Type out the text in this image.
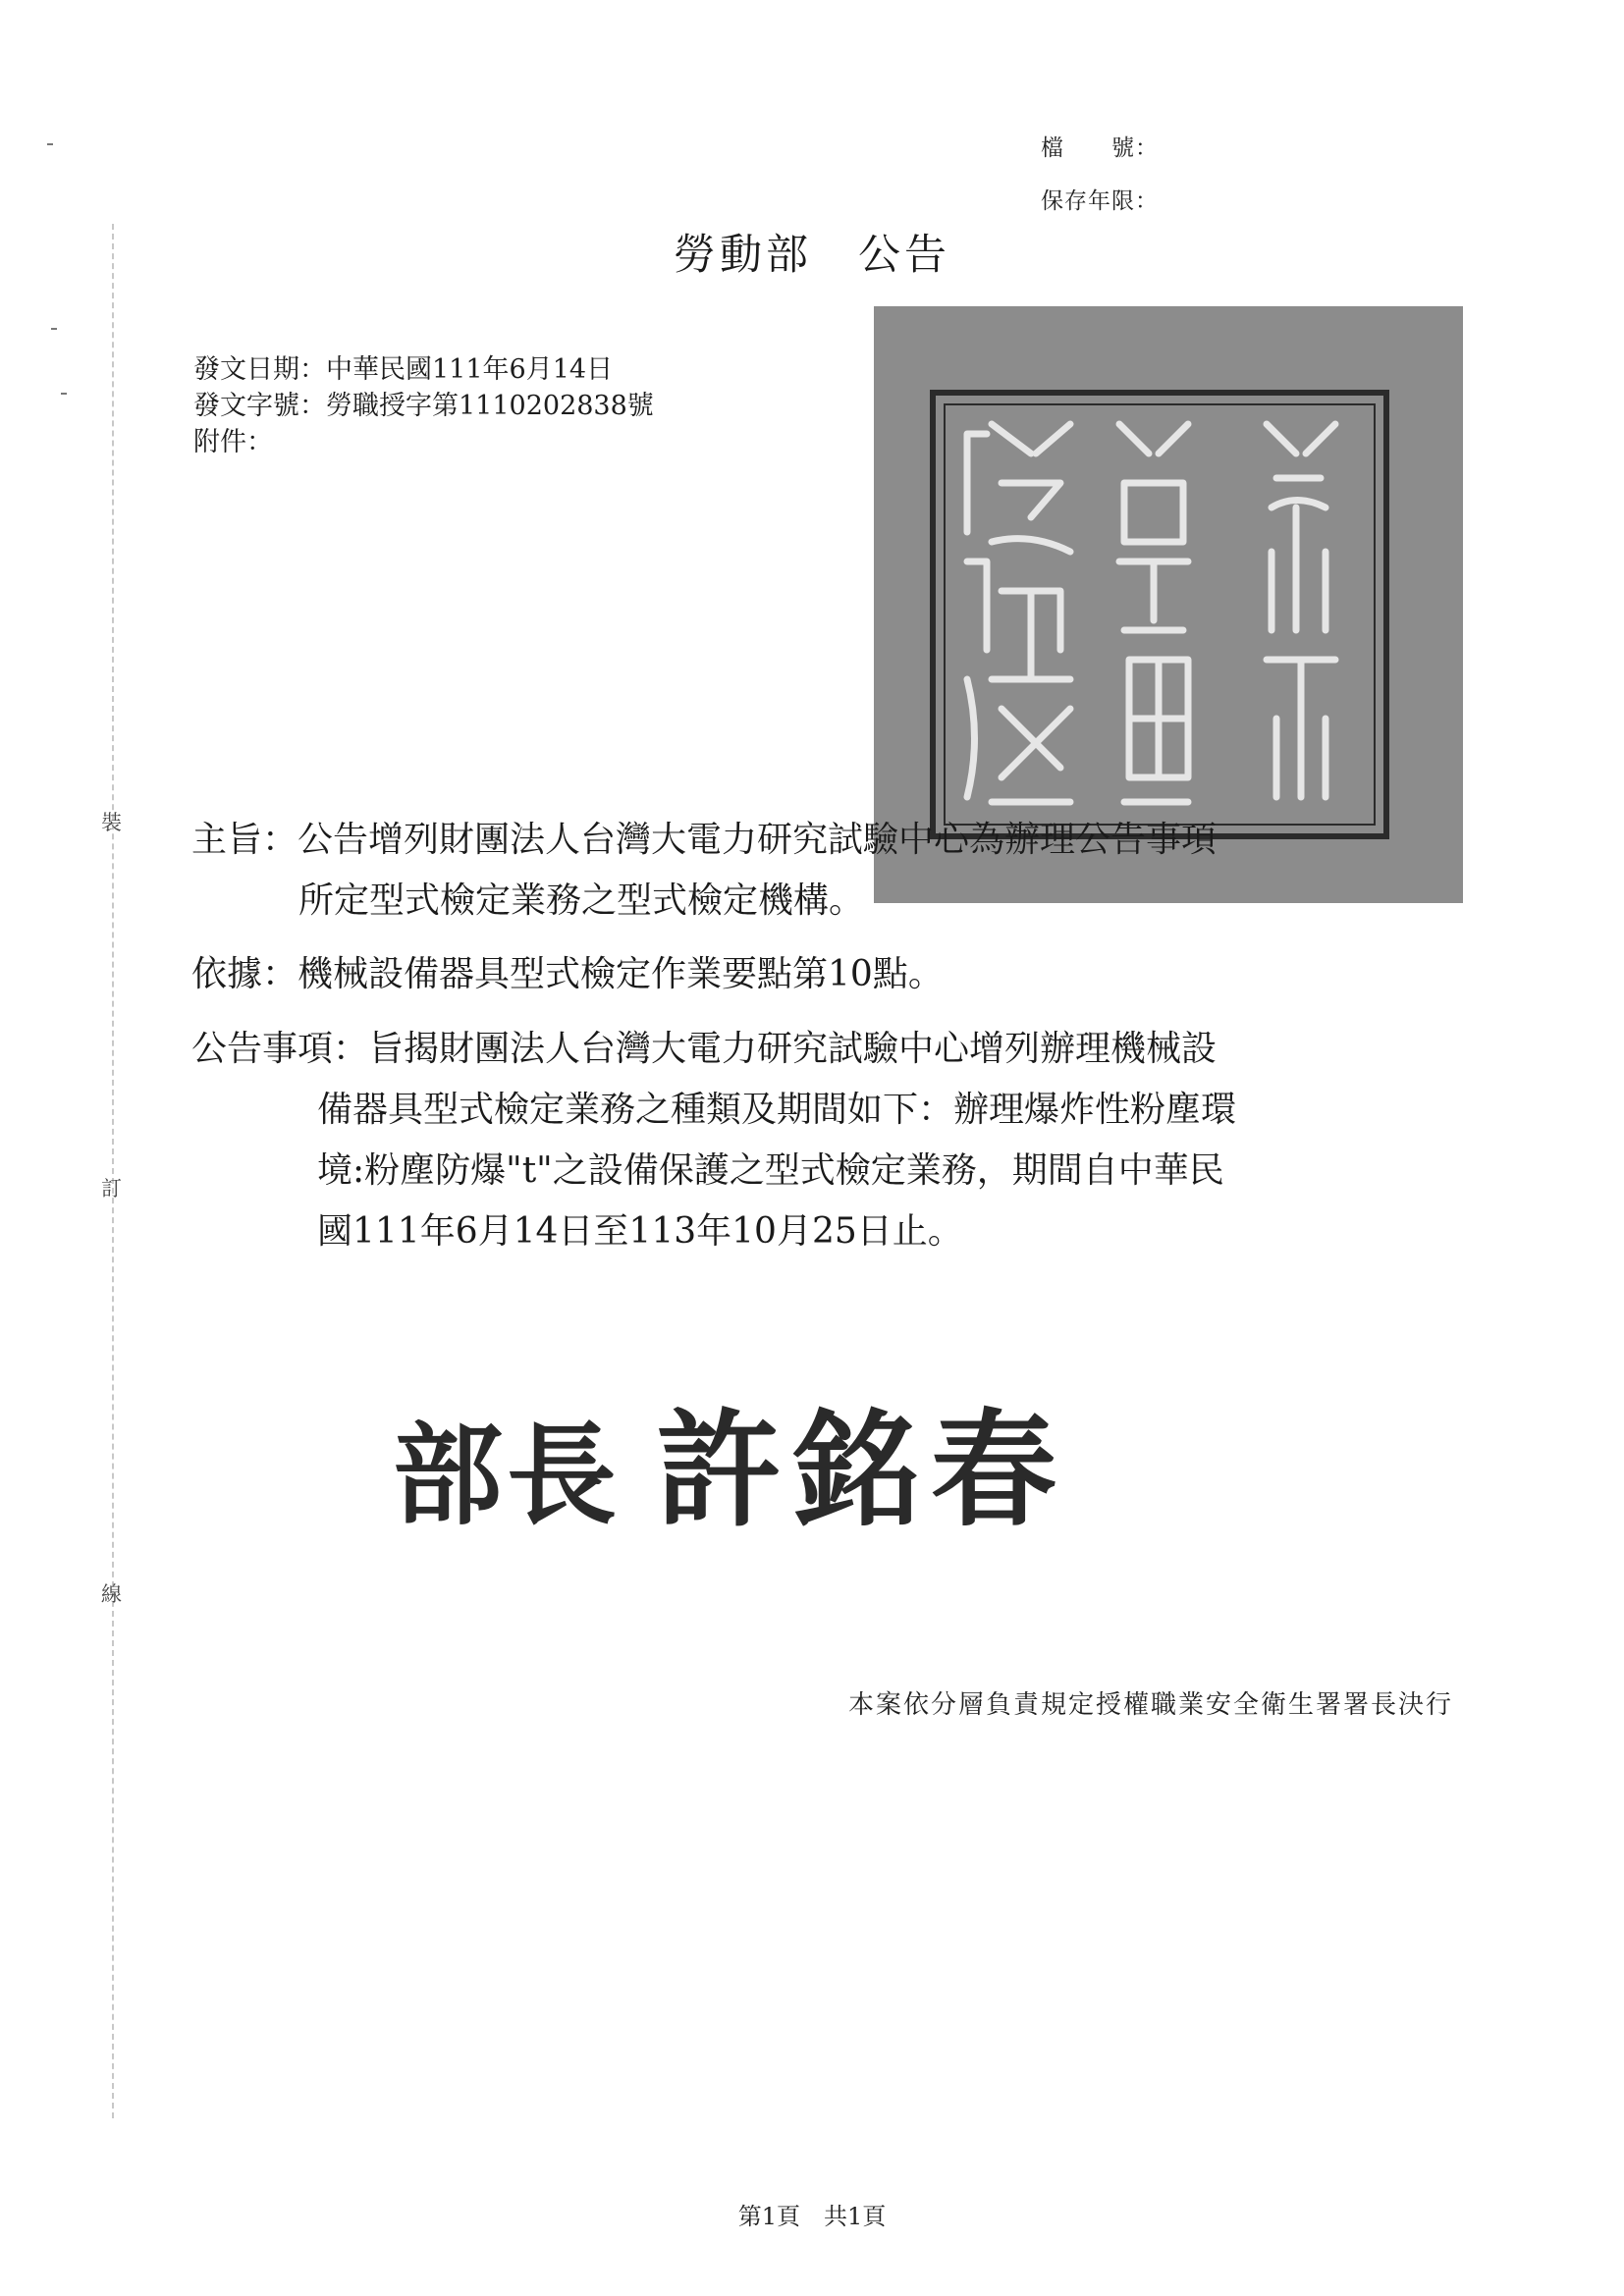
檔　　號：
保存年限：
勞動部　公告
裝
訂
線
發文日期：中華民國111年6月14日
發文字號：勞職授字第1110202838號
附件：
主旨：公告增列財團法人台灣大電力研究試驗中心為辦理公告事項
所定型式檢定業務之型式檢定機構。
依據：機械設備器具型式檢定作業要點第10點。
公告事項：旨揭財團法人台灣大電力研究試驗中心增列辦理機械設
備器具型式檢定業務之種類及期間如下：辦理爆炸性粉塵環
境:粉塵防爆"t"之設備保護之型式檢定業務，期間自中華民
國111年6月14日至113年10月25日止。
部長 許銘春
本案依分層負責規定授權職業安全衛生署署長決行
第1頁 共1頁
